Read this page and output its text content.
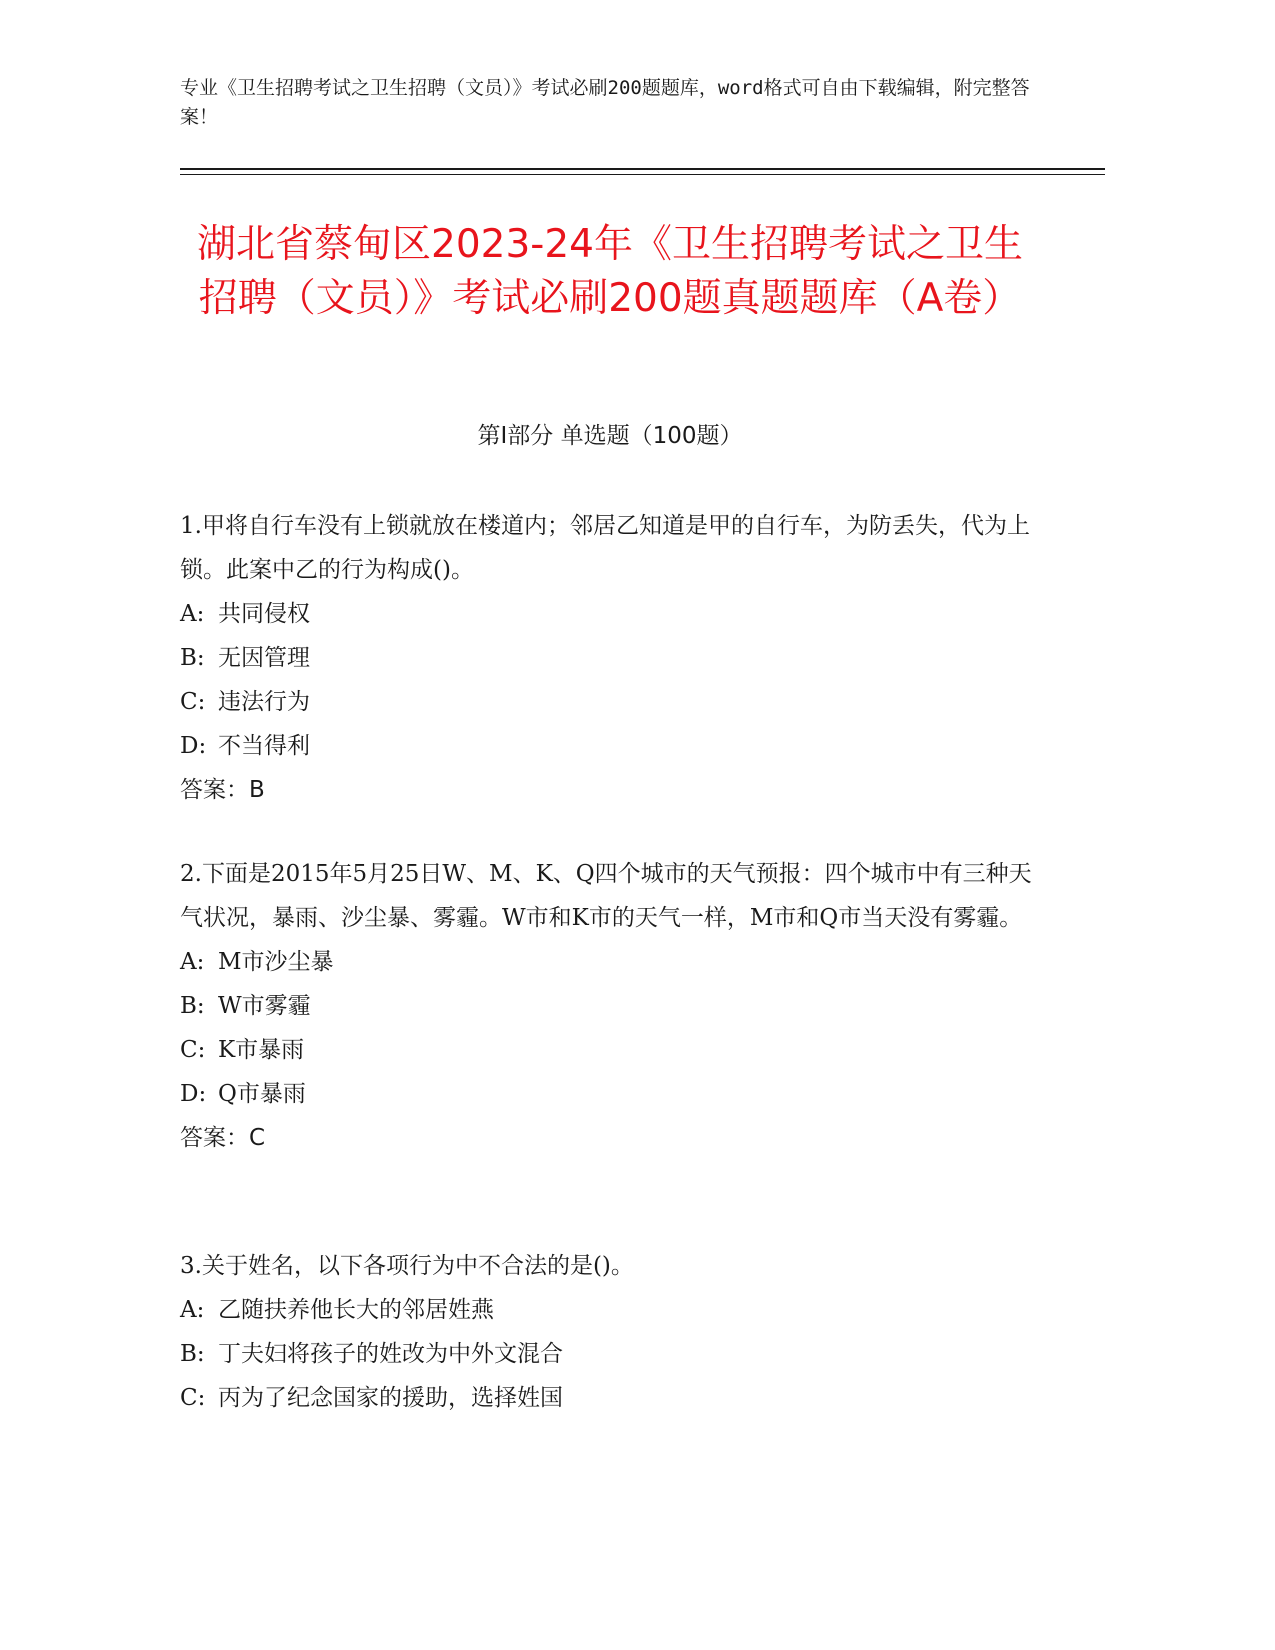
专业《卫生招聘考试之卫生招聘（文员）》考试必刷200题题库，word格式可自由下载编辑，附完整答案！
湖北省蔡甸区2023-24年《卫生招聘考试之卫生招聘（文员）》考试必刷200题真题题库（A卷）
第Ⅰ部分 单选题（100题）

1.甲将自行车没有上锁就放在楼道内；邻居乙知道是甲的自行车，为防丢失，代为上锁。此案中乙的行为构成()。

A: 共同侵权

B: 无因管理

C: 违法行为

D: 不当得利

答案：B

2.下面是2015年5月25日W、M、K、Q四个城市的天气预报：四个城市中有三种天气状况，暴雨、沙尘暴、雾霾。W市和K市的天气一样，M市和Q市当天没有雾霾。

A: M市沙尘暴

B: W市雾霾

C: K市暴雨

D: Q市暴雨

答案：C

3.关于姓名，以下各项行为中不合法的是()。

A: 乙随扶养他长大的邻居姓燕

B: 丁夫妇将孩子的姓改为中外文混合

C: 丙为了纪念国家的援助，选择姓国
